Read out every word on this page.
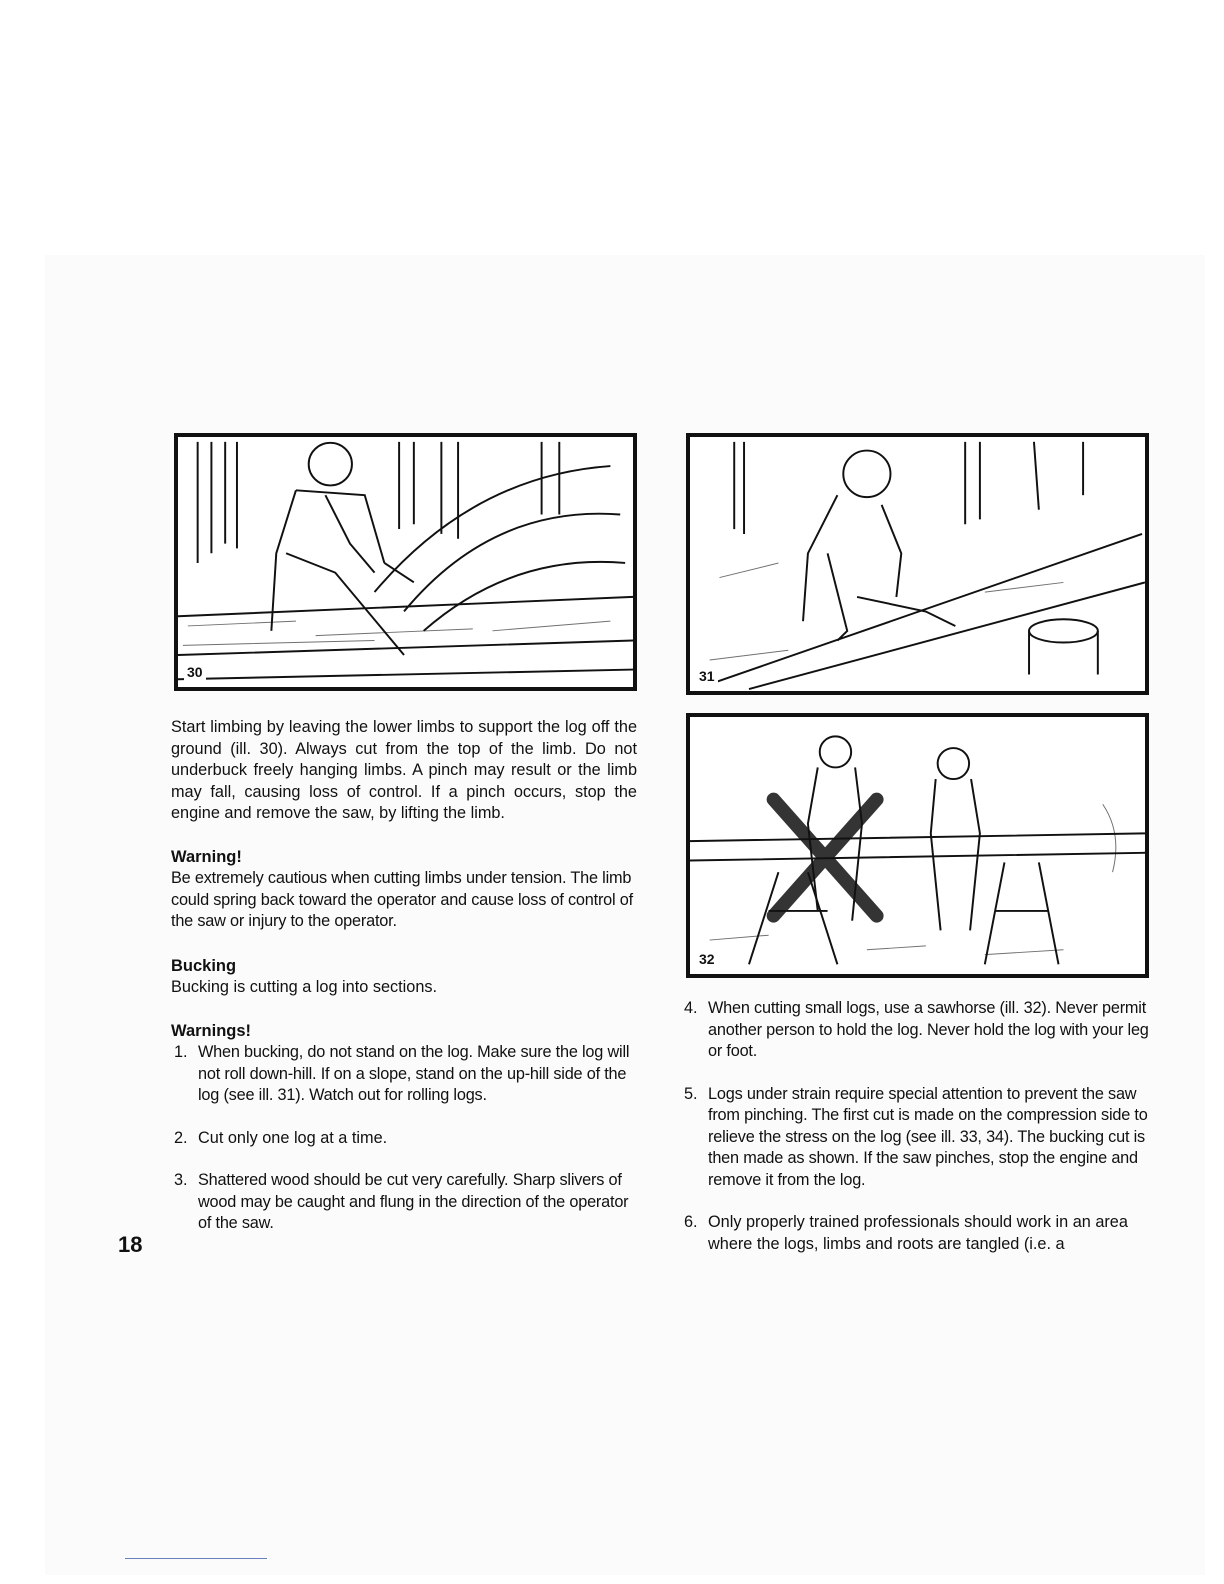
30	31
32

Start limbing by leaving the lower limbs to support the log off the ground (ill. 30). Always cut from the top of the limb. Do not underbuck freely hanging limbs. A pinch may result or the limb may fall, causing loss of control. If a pinch occurs, stop the engine and remove the saw, by lifting the limb.

Warning!

Be extremely cautious when cutting limbs under tension. The limb could spring back toward the operator and cause loss of control of the saw or injury to the operator.

Bucking

Bucking is cutting a log into sections.

Warnings!

1. When bucking, do not stand on the log. Make sure the log will not roll down-hill. If on a slope, stand on the up-hill side of the log (see ill. 31). Watch out for rolling logs.
2. Cut only one log at a time.
3. Shattered wood should be cut very carefully. Sharp slivers of wood may be caught and flung in the direction of the operator of the saw.
4. When cutting small logs, use a sawhorse (ill. 32). Never permit another person to hold the log. Never hold the log with your leg or foot.
5. Logs under strain require special attention to prevent the saw from pinching. The first cut is made on the compression side to relieve the stress on the log (see ill. 33, 34). The bucking cut is then made as shown. If the saw pinches, stop the engine and remove it from the log.
6. Only properly trained professionals should work in an area where the logs, limbs and roots are tangled (i.e. a
18
